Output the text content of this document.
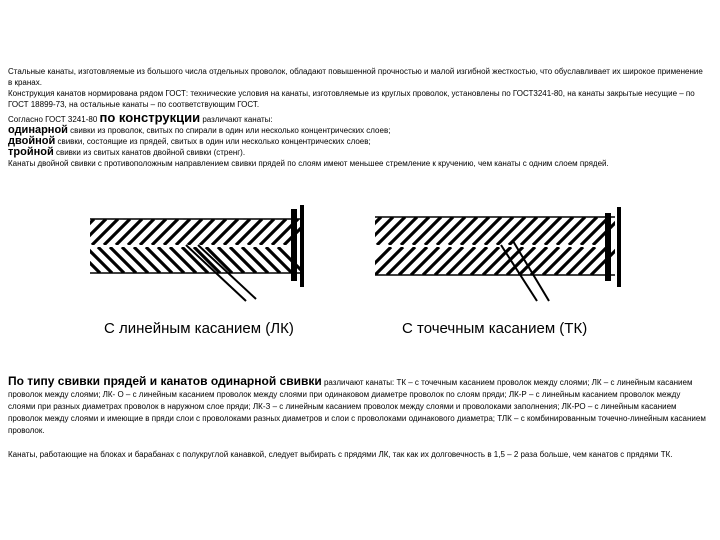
Стальные канаты, изготовляемые из большого числа отдельных проволок, обладают повышенной прочностью и малой изгибной жесткостью, что обуславливает их широкое применение в кранах.

Конструкция канатов нормирована рядом ГОСТ: технические условия на канаты, изготовляемые из круглых проволок, установлены по ГОСТ3241-80, на канаты закрытые несущие – по ГОСТ 18899-73, на остальные канаты – по соответствующим ГОСТ.

Согласно ГОСТ 3241-80 по конструкции различают канаты:

одинарной свивки из проволок, свитых по спирали в один или несколько концентрических слоев;

двойной свивки, состоящие из прядей, свитых в один или несколько концентрических слоев;

тройной свивки из свитых канатов двойной свивки (стренг).

Канаты двойной свивки с противоположным направлением свивки прядей по слоям имеют меньшее стремление к кручению, чем канаты с одним слоем прядей.

С линейным касанием (ЛК)	С точечным касанием (ТК)

По типу свивки прядей и канатов одинарной свивки различают канаты: ТК – с точечным касанием проволок между слоями; ЛК – с линейным касанием проволок между слоями; ЛК- О – с линейным касанием проволок между слоями при одинаковом диаметре проволок по слоям пряди; ЛК-Р – с линейным касанием проволок между слоями при разных диаметрах проволок в наружном слое пряди; ЛК-З – с линейным касанием проволок между слоями и проволоками заполнения; ЛК-РО – с линейным касанием проволок между слоями и имеющие в пряди слои с проволоками разных диаметров и слои с проволоками одинакового диаметра; ТЛК – с комбинированным точечно-линейным касанием проволок.

Канаты, работающие на блоках и барабанах с полукруглой канавкой, следует выбирать с прядями ЛК, так как их долговечность в 1,5 – 2 раза больше, чем канатов с прядями ТК.
